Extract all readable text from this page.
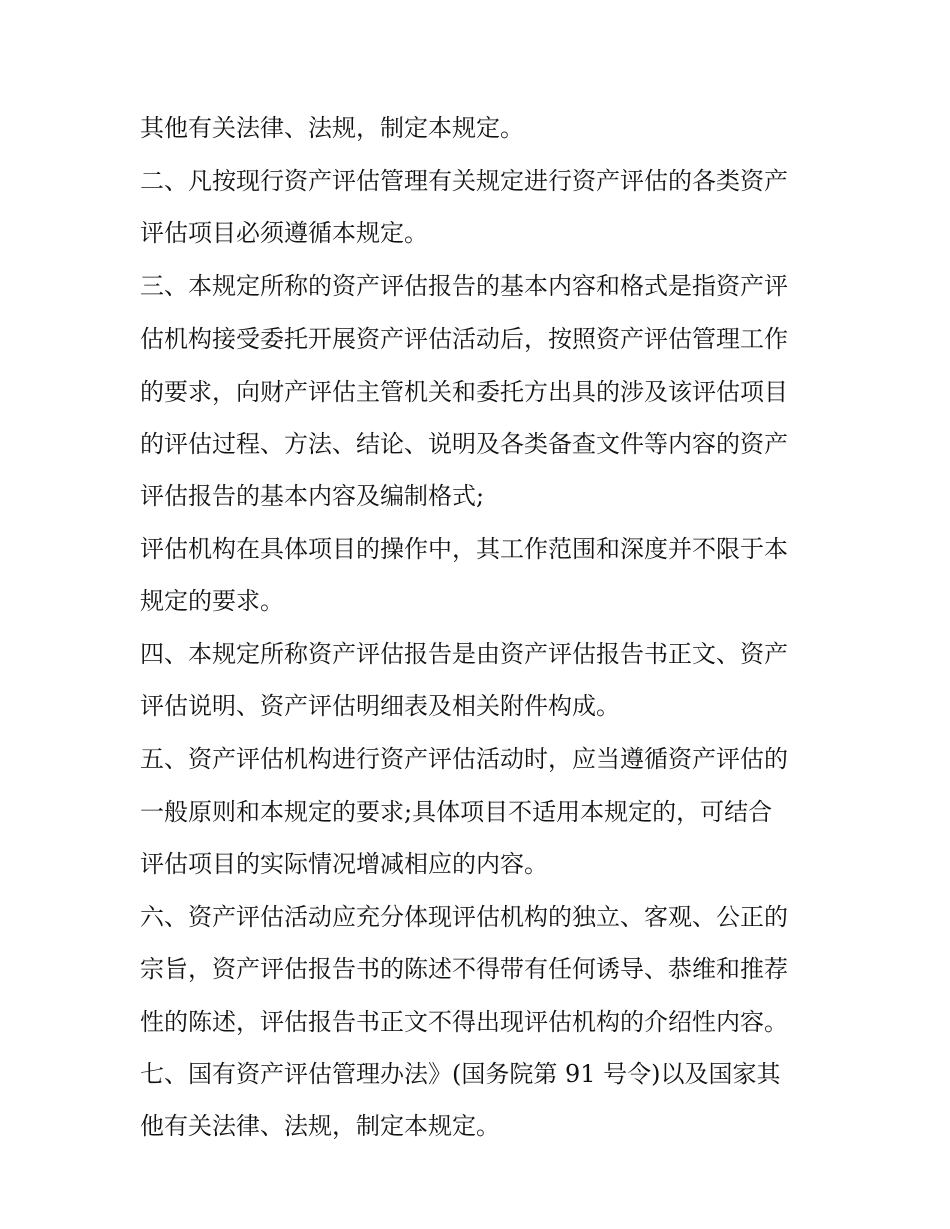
其他有关法律、法规，制定本规定。
二、凡按现行资产评估管理有关规定进行资产评估的各类资产
评估项目必须遵循本规定。
三、本规定所称的资产评估报告的基本内容和格式是指资产评
估机构接受委托开展资产评估活动后，按照资产评估管理工作
的要求，向财产评估主管机关和委托方出具的涉及该评估项目
的评估过程、方法、结论、说明及各类备查文件等内容的资产
评估报告的基本内容及编制格式;
评估机构在具体项目的操作中，其工作范围和深度并不限于本
规定的要求。
四、本规定所称资产评估报告是由资产评估报告书正文、资产
评估说明、资产评估明细表及相关附件构成。
五、资产评估机构进行资产评估活动时，应当遵循资产评估的
一般原则和本规定的要求;具体项目不适用本规定的，可结合
评估项目的实际情况增减相应的内容。
六、资产评估活动应充分体现评估机构的独立、客观、公正的
宗旨，资产评估报告书的陈述不得带有任何诱导、恭维和推荐
性的陈述，评估报告书正文不得出现评估机构的介绍性内容。
七、国有资产评估管理办法》(国务院第 91 号令)以及国家其
他有关法律、法规，制定本规定。
